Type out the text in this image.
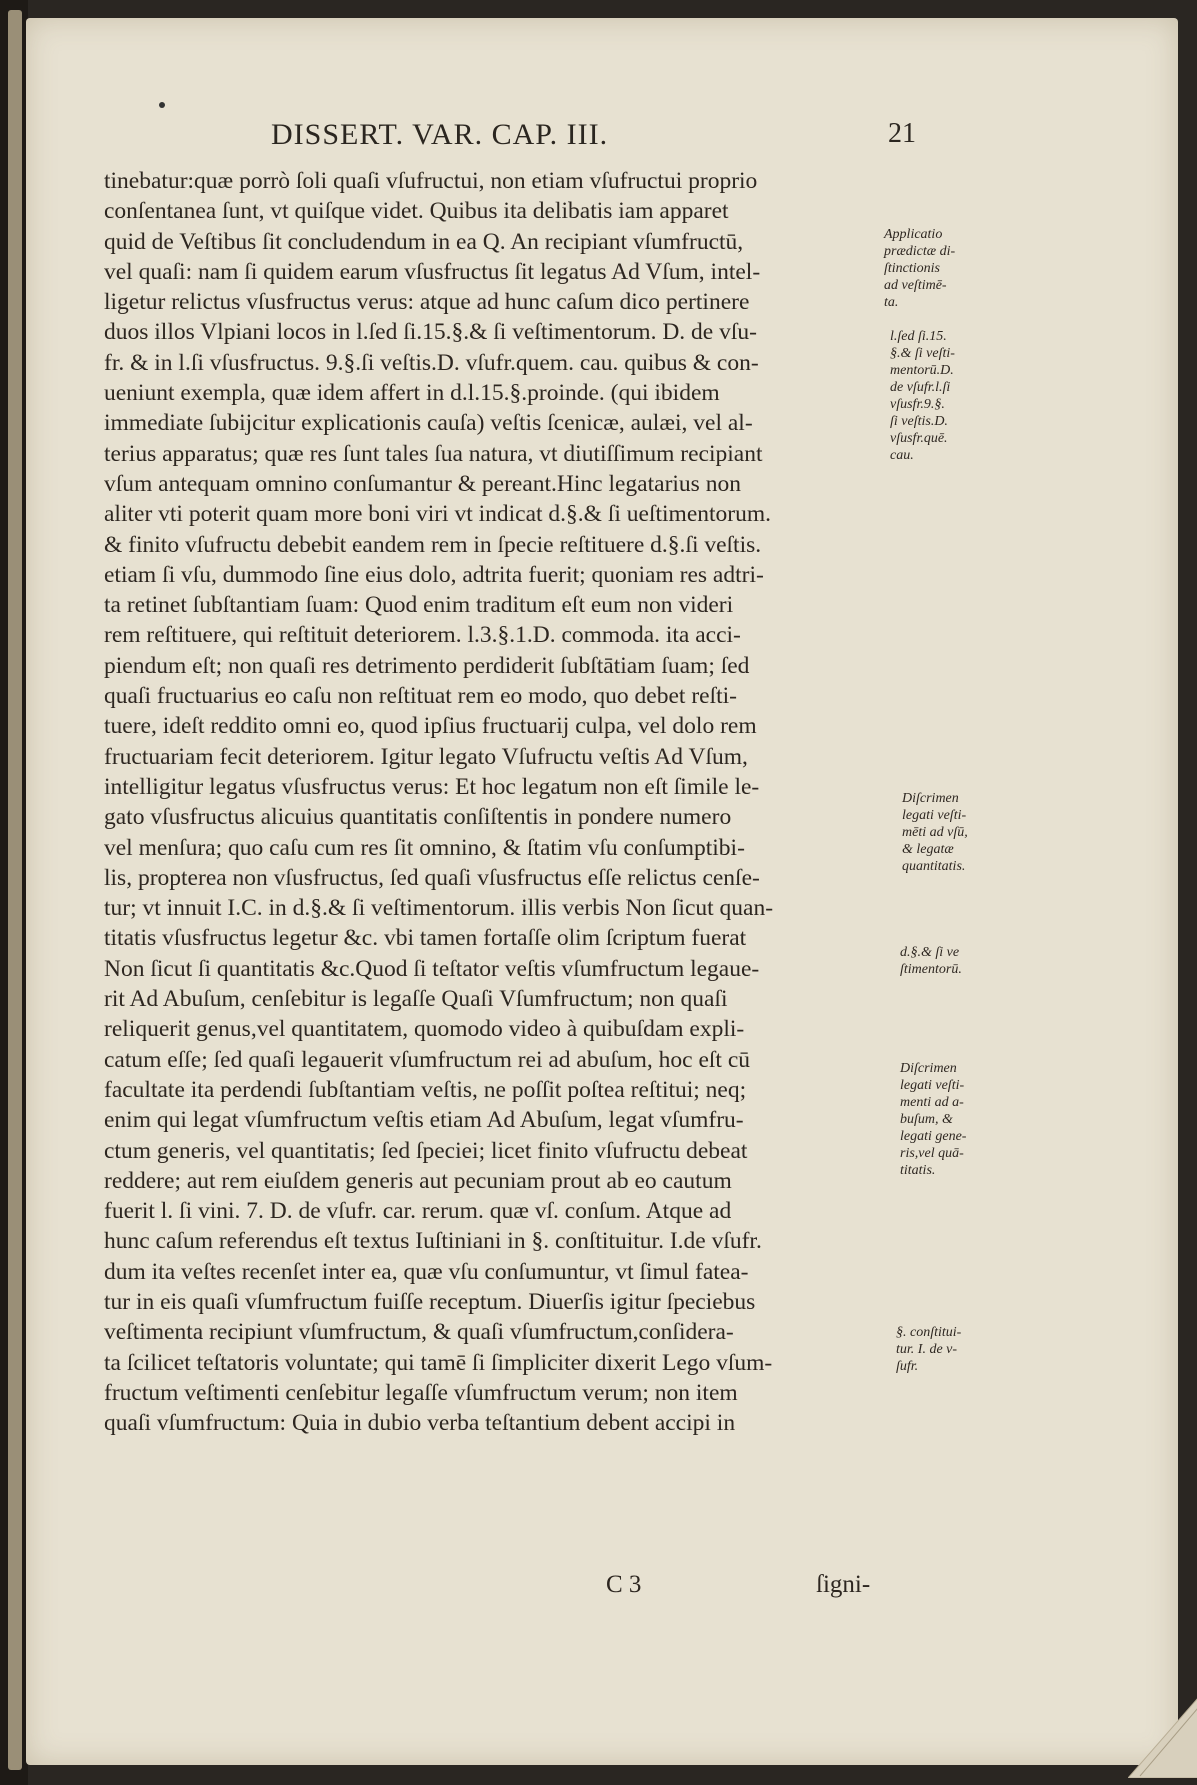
DISSERT. VAR. CAP. III.	21
tinebatur:quæ porrò ſoli quaſi vſufructui, non etiam vſufructui proprio
conſentanea ſunt, vt quiſque videt. Quibus ita delibatis iam apparet
quid de Veſtibus ſit concludendum in ea Q. An recipiant vſumfructū,
vel quaſi: nam ſi quidem earum vſusfructus ſit legatus Ad Vſum, intel-
ligetur relictus vſusfructus verus: atque ad hunc caſum dico pertinere
duos illos Vlpiani locos in l.ſed ſi.15.§.& ſi veſtimentorum. D. de vſu-
fr. & in l.ſi vſusfructus. 9.§.ſi veſtis.D. vſufr.quem. cau. quibus & con-
ueniunt exempla, quæ idem affert in d.l.15.§.proinde. (qui ibidem
immediate ſubijcitur explicationis cauſa) veſtis ſcenicæ, aulæi, vel al-
terius apparatus; quæ res ſunt tales ſua natura, vt diutiſſimum recipiant
vſum antequam omnino conſumantur & pereant.Hinc legatarius non
aliter vti poterit quam more boni viri vt indicat d.§.& ſi ueſtimentorum.
& finito vſufructu debebit eandem rem in ſpecie reſtituere d.§.ſi veſtis.
etiam ſi vſu, dummodo ſine eius dolo, adtrita fuerit; quoniam res adtri-
ta retinet ſubſtantiam ſuam: Quod enim traditum eſt eum non videri
rem reſtituere, qui reſtituit deteriorem. l.3.§.1.D. commoda. ita acci-
piendum eſt; non quaſi res detrimento perdiderit ſubſtātiam ſuam; ſed
quaſi fructuarius eo caſu non reſtituat rem eo modo, quo debet reſti-
tuere, ideſt reddito omni eo, quod ipſius fructuarij culpa, vel dolo rem
fructuariam fecit deteriorem. Igitur legato Vſufructu veſtis Ad Vſum,
intelligitur legatus vſusfructus verus: Et hoc legatum non eſt ſimile le-
gato vſusfructus alicuius quantitatis conſiſtentis in pondere numero
vel menſura; quo caſu cum res ſit omnino, & ſtatim vſu conſumptibi-
lis, propterea non vſusfructus, ſed quaſi vſusfructus eſſe relictus cenſe-
tur; vt innuit I.C. in d.§.& ſi veſtimentorum. illis verbis Non ſicut quan-
titatis vſusfructus legetur &c. vbi tamen fortaſſe olim ſcriptum fuerat
Non ſicut ſi quantitatis &c.Quod ſi teſtator veſtis vſumfructum legaue-
rit Ad Abuſum, cenſebitur is legaſſe Quaſi Vſumfructum; non quaſi
reliquerit genus,vel quantitatem, quomodo video à quibuſdam expli-
catum eſſe; ſed quaſi legauerit vſumfructum rei ad abuſum, hoc eſt cū
facultate ita perdendi ſubſtantiam veſtis, ne poſſit poſtea reſtitui; neq;
enim qui legat vſumfructum veſtis etiam Ad Abuſum, legat vſumfru-
ctum generis, vel quantitatis; ſed ſpeciei; licet finito vſufructu debeat
reddere; aut rem eiuſdem generis aut pecuniam prout ab eo cautum
fuerit l. ſi vini. 7. D. de vſufr. car. rerum. quæ vſ. conſum. Atque ad
hunc caſum referendus eſt textus Iuſtiniani in §. conſtituitur. I.de vſufr.
dum ita veſtes recenſet inter ea, quæ vſu conſumuntur, vt ſimul fatea-
tur in eis quaſi vſumfructum fuiſſe receptum. Diuerſis igitur ſpeciebus
veſtimenta recipiunt vſumfructum, & quaſi vſumfructum,conſidera-
ta ſcilicet teſtatoris voluntate; qui tamē ſi ſimpliciter dixerit Lego vſum-
fructum veſtimenti cenſebitur legaſſe vſumfructum verum; non item
quaſi vſumfructum: Quia in dubio verba teſtantium debent accipi in
Applicatio
prædictæ di-
ſtinctionis
ad veſtimē-
ta.
l.ſed ſi.15.
§.& ſi veſti-
mentorū.D.
de vſufr.l.ſi
vſusfr.9.§.
ſi veſtis.D.
vſusfr.quē.
cau.
Diſcrimen
legati veſti-
mēti ad vſū,
& legatæ
quantitatis.
d.§.& ſi ve
ſtimentorū.
Diſcrimen
legati veſti-
menti ad a-
buſum, &
legati gene-
ris,vel quā-
titatis.
§. conſtitui-
tur. I. de v-
ſufr.
C 3	ſigni-
